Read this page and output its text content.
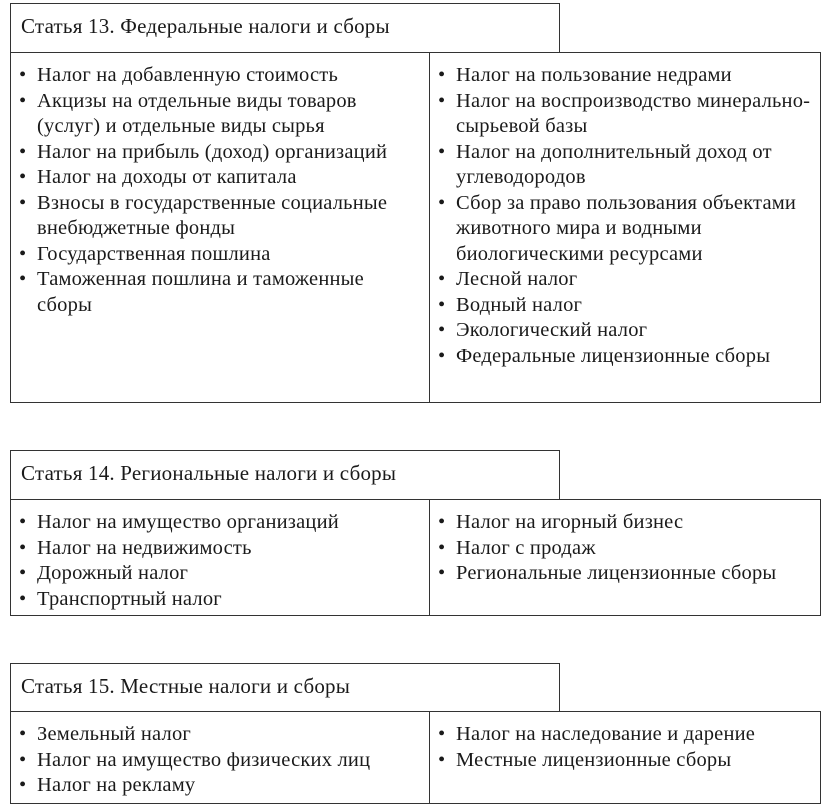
Статья 13. Федеральные налоги и сборы
• Налог на добавленную стоимость
• Акцизы на отдельные виды товаров (услуг) и отдельные виды сырья
• Налог на прибыль (доход) организаций
• Налог на доходы от капитала
• Взносы в государственные социальные внебюджетные фонды
• Государственная пошлина
• Таможенная пошлина и таможенные сборы
• Налог на пользование недрами
• Налог на воспроизводство минерально-сырьевой базы
• Налог на дополнительный доход от углеводородов
• Сбор за право пользования объектами животного мира и водными биологическими ресурсами
• Лесной налог
• Водный налог
• Экологический налог
• Федеральные лицензионные сборы
Статья 14. Региональные налоги и сборы
• Налог на имущество организаций
• Налог на недвижимость
• Дорожный налог
• Транспортный налог
• Налог на игорный бизнес
• Налог с продаж
• Региональные лицензионные сборы
Статья 15. Местные налоги и сборы
• Земельный налог
• Налог на имущество физических лиц
• Налог на рекламу
• Налог на наследование и дарение
• Местные лицензионные сборы
